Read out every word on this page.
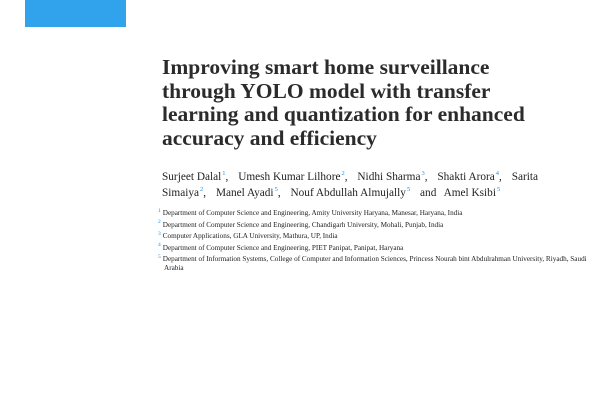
Improving smart home surveillance
through YOLO model with transfer
learning and quantization for enhanced
accuracy and efficiency
Surjeet Dalal$^1$, Umesh Kumar Lilhore$^2$, Nidhi Sharma$^3$, Shakti Arora$^4$, Sarita
Simaiya$^2$, Manel Ayadi$^5$, Nouf Abdullah Almujally$^5$ and Amel Ksibi$^5$

$^1$ Department of Computer Science and Engineering, Amity University Haryana, Manesar, Haryana, India

$^2$ Department of Computer Science and Engineering, Chandigarh University, Mohali, Punjab, India

$^3$ Computer Applications, GLA University, Mathura, UP, India

$^4$ Department of Computer Science and Engineering, PIET Panipat, Panipat, Haryana

$^5$ Department of Information Systems, College of Computer and Information Sciences, Princess Nourah bint Abdulrahman University, Riyadh, Saudi Arabia
